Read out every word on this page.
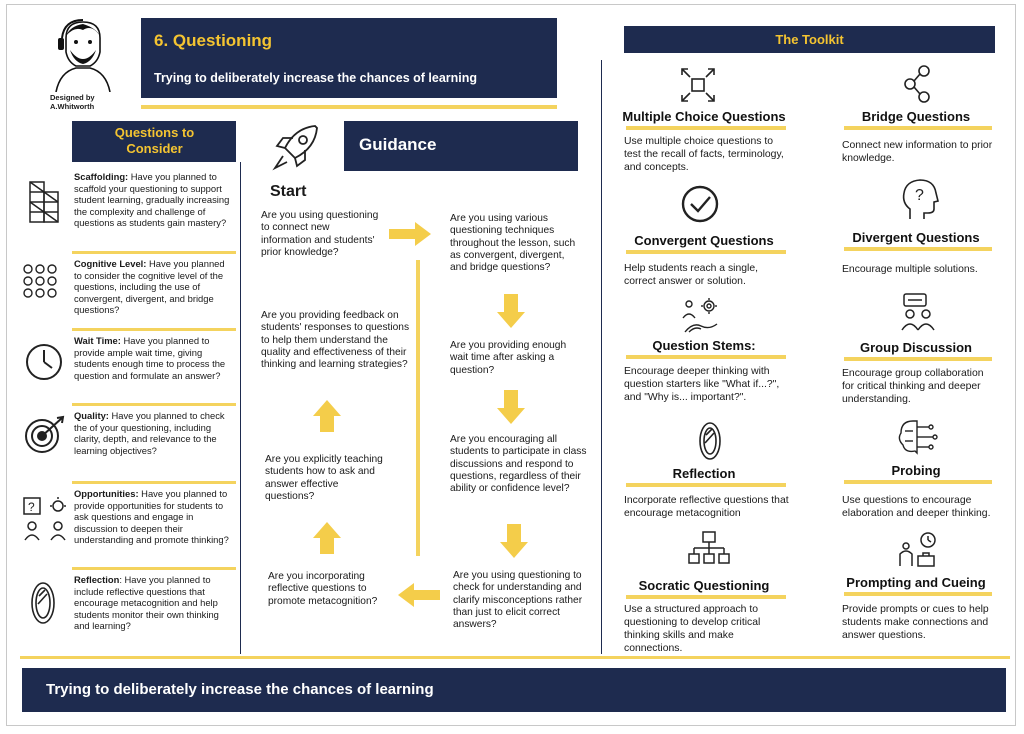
Designed by
A.Whitworth
6. Questioning
Trying to deliberately increase the chances of learning
Questions to Consider
Scaffolding: Have you planned to scaffold your questioning to support student learning, gradually increasing the complexity and challenge of questions as students gain mastery?
Cognitive Level: Have you planned to consider the cognitive level of the questions, including the use of convergent, divergent, and bridge questions?
Wait Time: Have you planned to provide ample wait time, giving students enough time to process the question and formulate an answer?
Quality: Have you planned to check the of your questioning, including clarity, depth, and relevance to the learning objectives?
Opportunities: Have you planned to provide opportunities for students to ask questions and engage in discussion to deepen their understanding and promote thinking?
Reflection: Have you planned to include reflective questions that encourage metacognition and help students monitor their own thinking and learning?
?
Guidance
Start
Are you using questioning to connect new information and students' prior knowledge?
Are you using various questioning techniques throughout the lesson, such as convergent, divergent, and bridge questions?
Are you providing enough wait time after asking a question?
Are you encouraging all students to participate in class discussions and respond to questions, regardless of their ability or confidence level?
Are you using questioning to check for understanding and clarify misconceptions rather than just to elicit correct answers?
Are you incorporating reflective questions to promote metacognition?
Are you explicitly teaching students how to ask and answer effective questions?
Are you providing feedback on students' responses to questions to help them understand the quality and effectiveness of their thinking and learning strategies?
The Toolkit
?
Multiple Choice Questions
Use multiple choice questions to test the recall of facts, terminology, and concepts.
Bridge Questions
Connect new information to prior knowledge.
Convergent Questions
Help students reach a single, correct answer or solution.
Divergent Questions
Encourage multiple solutions.
Question Stems:
Encourage deeper thinking with question starters like "What if...?", and "Why is... important?".
Group Discussion
Encourage group collaboration for critical thinking and deeper understanding.
Reflection
Incorporate reflective questions that encourage metacognition
Probing
Use questions to encourage elaboration and deeper thinking.
Socratic Questioning
Use a structured approach to questioning to develop critical thinking skills and make connections.
Prompting and Cueing
Provide prompts or cues to help students make connections and answer questions.
Trying to deliberately increase the chances of learning
